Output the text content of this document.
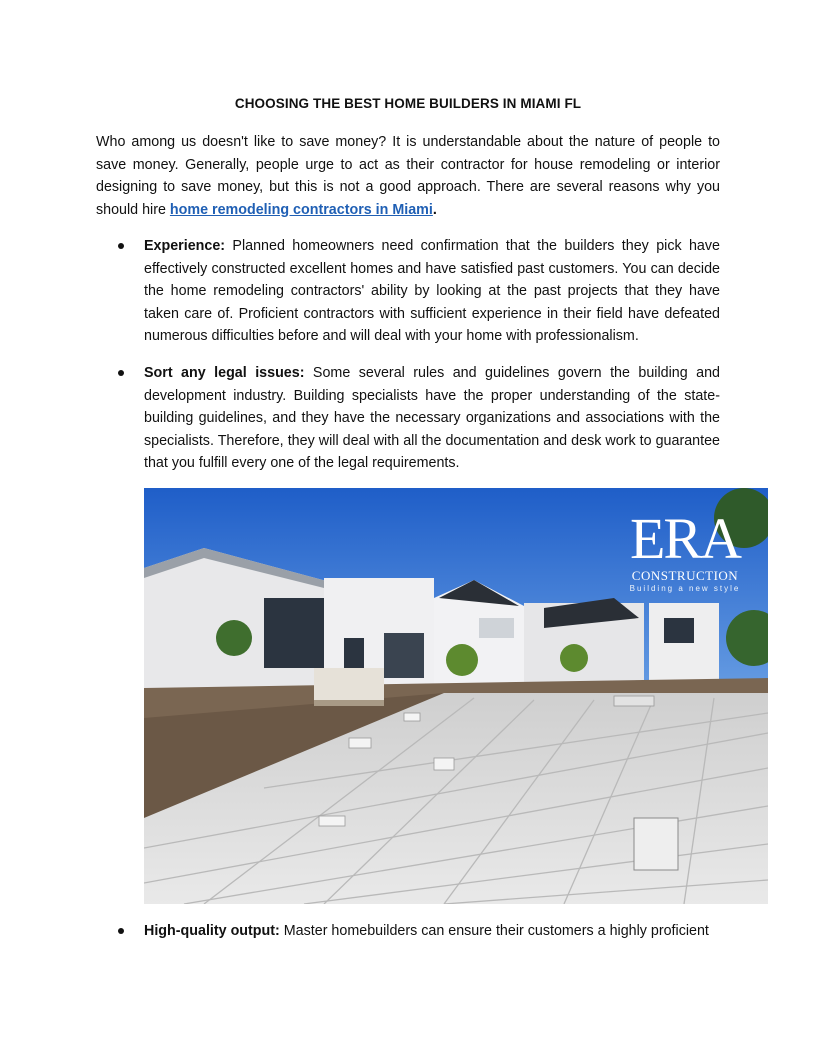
CHOOSING THE BEST HOME BUILDERS IN MIAMI FL
Who among us doesn't like to save money? It is understandable about the nature of people to save money. Generally, people urge to act as their contractor for house remodeling or interior designing to save money, but this is not a good approach. There are several reasons why you should hire home remodeling contractors in Miami.
Experience: Planned homeowners need confirmation that the builders they pick have effectively constructed excellent homes and have satisfied past customers. You can decide the home remodeling contractors' ability by looking at the past projects that they have taken care of. Proficient contractors with sufficient experience in their field have defeated numerous difficulties before and will deal with your home with professionalism.
Sort any legal issues: Some several rules and guidelines govern the building and development industry. Building specialists have the proper understanding of the state-building guidelines, and they have the necessary organizations and associations with the specialists. Therefore, they will deal with all the documentation and desk work to guarantee that you fulfill every one of the legal requirements.
ERA
CONSTRUCTION
Building a new style
High-quality output: Master homebuilders can ensure their customers a highly proficient
